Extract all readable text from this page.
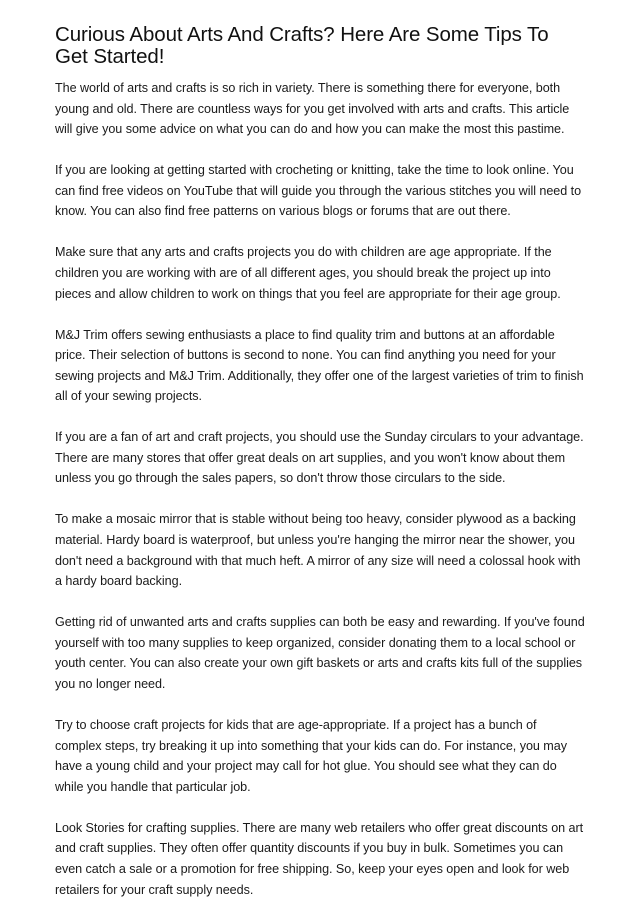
Curious About Arts And Crafts? Here Are Some Tips To Get Started!

The world of arts and crafts is so rich in variety. There is something there for everyone, both young and old. There are countless ways for you get involved with arts and crafts. This article will give you some advice on what you can do and how you can make the most this pastime.

If you are looking at getting started with crocheting or knitting, take the time to look online. You can find free videos on YouTube that will guide you through the various stitches you will need to know. You can also find free patterns on various blogs or forums that are out there.

Make sure that any arts and crafts projects you do with children are age appropriate. If the children you are working with are of all different ages, you should break the project up into pieces and allow children to work on things that you feel are appropriate for their age group.

M&J Trim offers sewing enthusiasts a place to find quality trim and buttons at an affordable price. Their selection of buttons is second to none. You can find anything you need for your sewing projects and M&J Trim. Additionally, they offer one of the largest varieties of trim to finish all of your sewing projects.

If you are a fan of art and craft projects, you should use the Sunday circulars to your advantage. There are many stores that offer great deals on art supplies, and you won't know about them unless you go through the sales papers, so don't throw those circulars to the side.

To make a mosaic mirror that is stable without being too heavy, consider plywood as a backing material. Hardy board is waterproof, but unless you're hanging the mirror near the shower, you don't need a background with that much heft. A mirror of any size will need a colossal hook with a hardy board backing.

Getting rid of unwanted arts and crafts supplies can both be easy and rewarding. If you've found yourself with too many supplies to keep organized, consider donating them to a local school or youth center. You can also create your own gift baskets or arts and crafts kits full of the supplies you no longer need.

Try to choose craft projects for kids that are age-appropriate. If a project has a bunch of complex steps, try breaking it up into something that your kids can do. For instance, you may have a young child and your project may call for hot glue. You should see what they can do while you handle that particular job.

Look Stories for crafting supplies. There are many web retailers who offer great discounts on art and craft supplies. They often offer quantity discounts if you buy in bulk. Sometimes you can even catch a sale or a promotion for free shipping. So, keep your eyes open and look for web retailers for your craft supply needs.
